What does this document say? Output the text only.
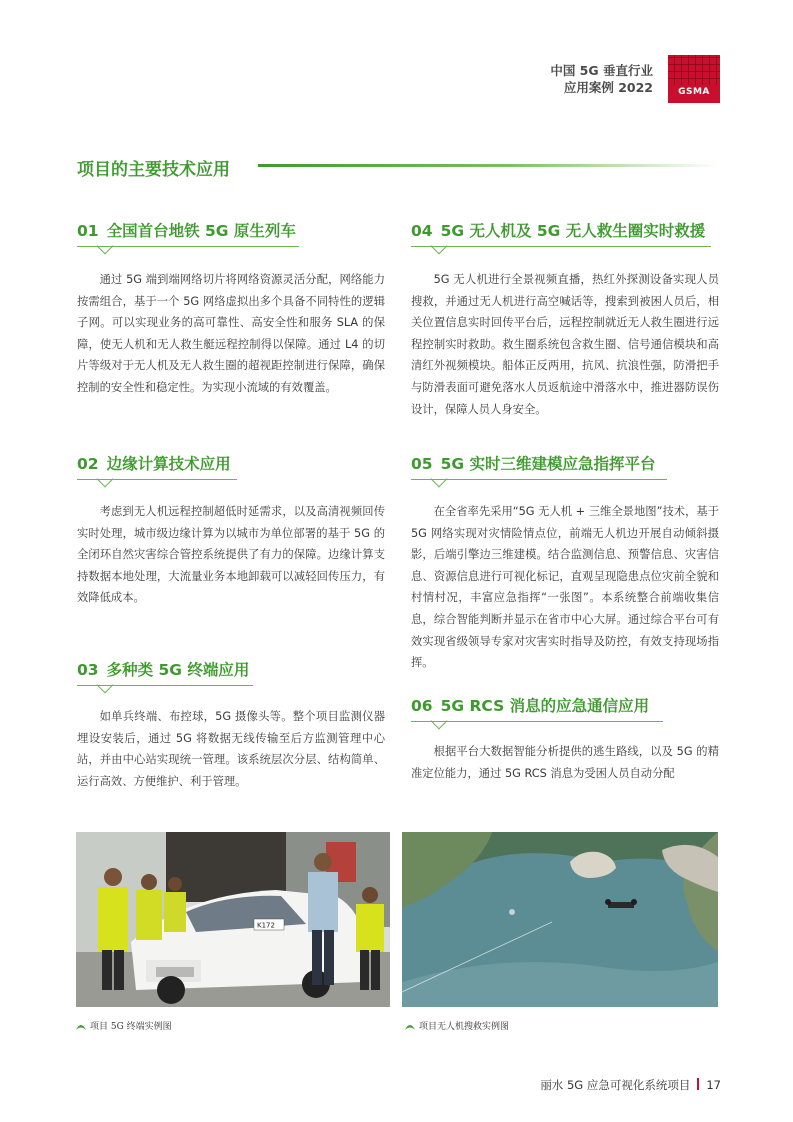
中国 5G 垂直行业
应用案例 2022	GSMA
项目的主要技术应用
01 全国首台地铁 5G 原生列车
通过 5G 端到端网络切片将网络资源灵活分配，网络能力按需组合，基于一个 5G 网络虚拟出多个具备不同特性的逻辑子网。可以实现业务的高可靠性、高安全性和服务 SLA 的保障，使无人机和无人救生艇远程控制得以保障。通过 L4 的切片等级对于无人机及无人救生圈的超视距控制进行保障，确保控制的安全性和稳定性。为实现小流域的有效覆盖。
02 边缘计算技术应用
考虑到无人机远程控制超低时延需求，以及高清视频回传实时处理，城市级边缘计算为以城市为单位部署的基于 5G 的全闭环自然灾害综合管控系统提供了有力的保障。边缘计算支持数据本地处理，大流量业务本地卸载可以减轻回传压力，有效降低成本。
03 多种类 5G 终端应用
如单兵终端、布控球，5G 摄像头等。整个项目监测仪器埋设安装后，通过 5G 将数据无线传输至后方监测管理中心站，并由中心站实现统一管理。该系统层次分层、结构简单、运行高效、方便维护、利于管理。
04 5G 无人机及 5G 无人救生圈实时救援
5G 无人机进行全景视频直播，热红外探测设备实现人员搜救，并通过无人机进行高空喊话等，搜索到被困人员后，相关位置信息实时回传平台后，远程控制就近无人救生圈进行远程控制实时救助。救生圈系统包含救生圈、信号通信模块和高清红外视频模块。船体正反两用，抗风、抗浪性强，防滑把手与防滑表面可避免落水人员返航途中滑落水中，推进器防误伤设计，保障人员人身安全。
05 5G 实时三维建模应急指挥平台
在全省率先采用“5G 无人机 + 三维全景地图”技术，基于 5G 网络实现对灾情险情点位，前端无人机边开展自动倾斜摄影，后端引擎边三维建模。结合监测信息、预警信息、灾害信息、资源信息进行可视化标记，直观呈现隐患点位灾前全貌和村情村况，丰富应急指挥“一张图”。本系统整合前端收集信息，综合智能判断并显示在省市中心大屏。通过综合平台可有效实现省级领导专家对灾害实时指导及防控，有效支持现场指挥。
06 5G RCS 消息的应急通信应用
根据平台大数据智能分析提供的逃生路线，以及 5G 的精准定位能力，通过 5G RCS 消息为受困人员自动分配
K172
项目 5G 终端实例图	项目无人机搜救实例图
丽水 5G 应急可视化系统项目 17
